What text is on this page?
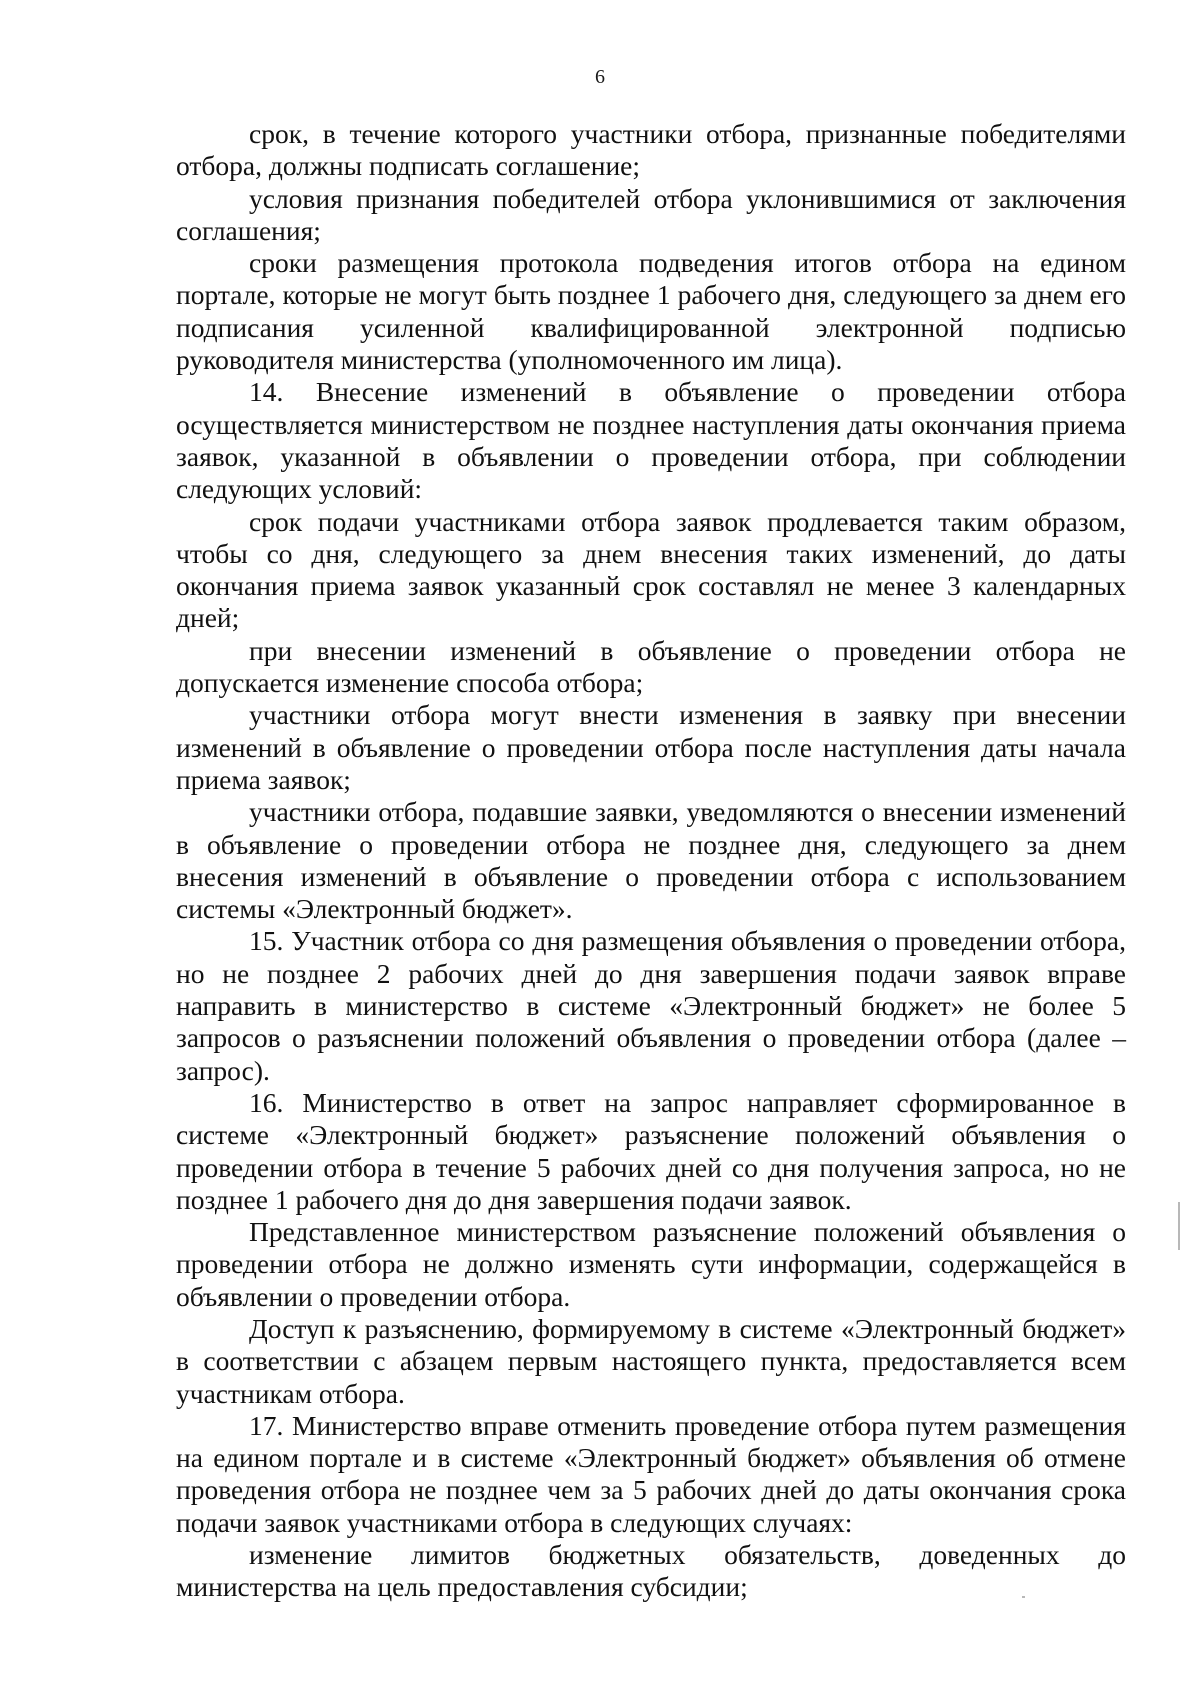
6

срок, в течение которого участники отбора, признанные победителями отбора, должны подписать соглашение;

условия признания победителей отбора уклонившимися от заключения соглашения;

сроки размещения протокола подведения итогов отбора на едином портале, которые не могут быть позднее 1 рабочего дня, следующего за днем его подписания усиленной квалифицированной электронной подписью руководителя министерства (уполномоченного им лица).

14. Внесение изменений в объявление о проведении отбора осуществляется министерством не позднее наступления даты окончания приема заявок, указанной в объявлении о проведении отбора, при соблюдении следующих условий:

срок подачи участниками отбора заявок продлевается таким образом, чтобы со дня, следующего за днем внесения таких изменений, до даты окончания приема заявок указанный срок составлял не менее 3 календарных дней;

при внесении изменений в объявление о проведении отбора не допускается изменение способа отбора;

участники отбора могут внести изменения в заявку при внесении изменений в объявление о проведении отбора после наступления даты начала приема заявок;

участники отбора, подавшие заявки, уведомляются о внесении изменений в объявление о проведении отбора не позднее дня, следующего за днем внесения изменений в объявление о проведении отбора с использованием системы «Электронный бюджет».

15. Участник отбора со дня размещения объявления о проведении отбора, но не позднее 2 рабочих дней до дня завершения подачи заявок вправе направить в министерство в системе «Электронный бюджет» не более 5 запросов о разъяснении положений объявления о проведении отбора (далее – запрос).

16. Министерство в ответ на запрос направляет сформированное в системе «Электронный бюджет» разъяснение положений объявления о проведении отбора в течение 5 рабочих дней со дня получения запроса, но не позднее 1 рабочего дня до дня завершения подачи заявок.

Представленное министерством разъяснение положений объявления о проведении отбора не должно изменять сути информации, содержащейся в объявлении о проведении отбора.

Доступ к разъяснению, формируемому в системе «Электронный бюджет» в соответствии с абзацем первым настоящего пункта, предоставляется всем участникам отбора.

17. Министерство вправе отменить проведение отбора путем размещения на едином портале и в системе «Электронный бюджет» объявления об отмене проведения отбора не позднее чем за 5 рабочих дней до даты окончания срока подачи заявок участниками отбора в следующих случаях:

изменение лимитов бюджетных обязательств, доведенных до министерства на цель предоставления субсидии;
